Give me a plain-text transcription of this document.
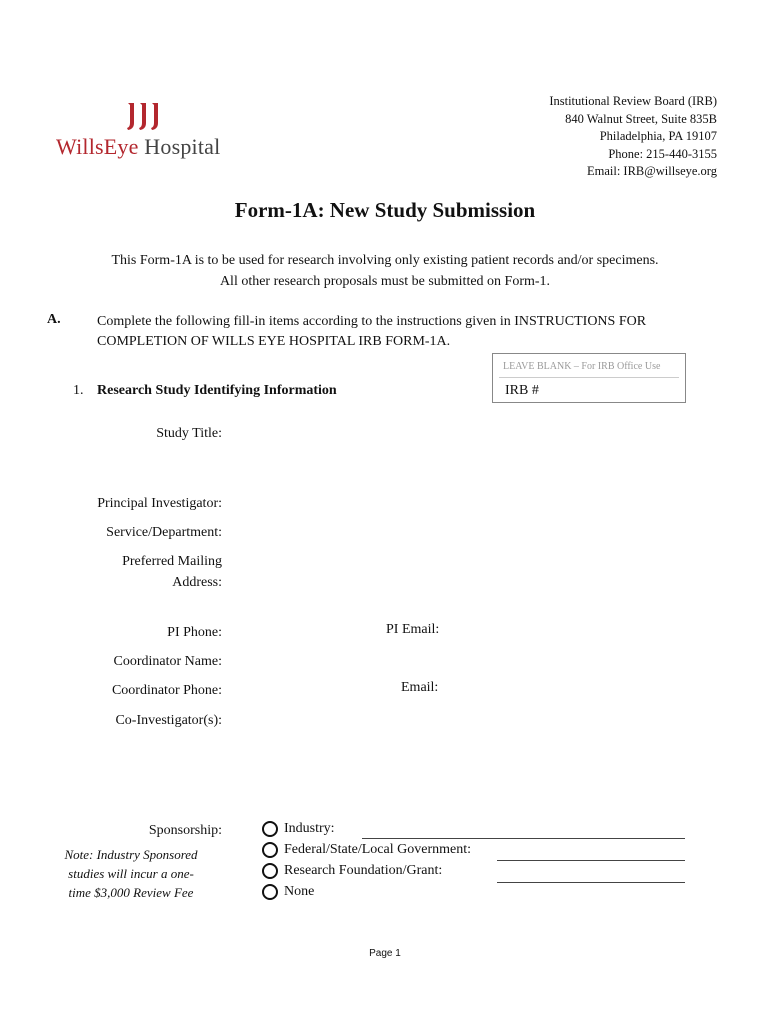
WillsEye Hospital
Institutional Review Board (IRB)
840 Walnut Street, Suite 835B
Philadelphia, PA 19107
Phone: 215-440-3155
Email: IRB@willseye.org
Form-1A: New Study Submission
This Form-1A is to be used for research involving only existing patient records and/or specimens.
All other research proposals must be submitted on Form-1.
A.	Complete the following fill-in items according to the instructions given in INSTRUCTIONS FOR COMPLETION OF WILLS EYE HOSPITAL IRB FORM-1A.
LEAVE BLANK – For IRB Office Use
IRB #
1. Research Study Identifying Information
Study Title:
Principal Investigator:
Service/Department:
Preferred Mailing
Address:
PI Phone:	PI Email:
Coordinator Name:
Coordinator Phone:	Email:
Co-Investigator(s):
Sponsorship:
Note: Industry Sponsored
studies will incur a one-
time $3,000 Review Fee
Industry:
Federal/State/Local Government:
Research Foundation/Grant:
None
Page 1
